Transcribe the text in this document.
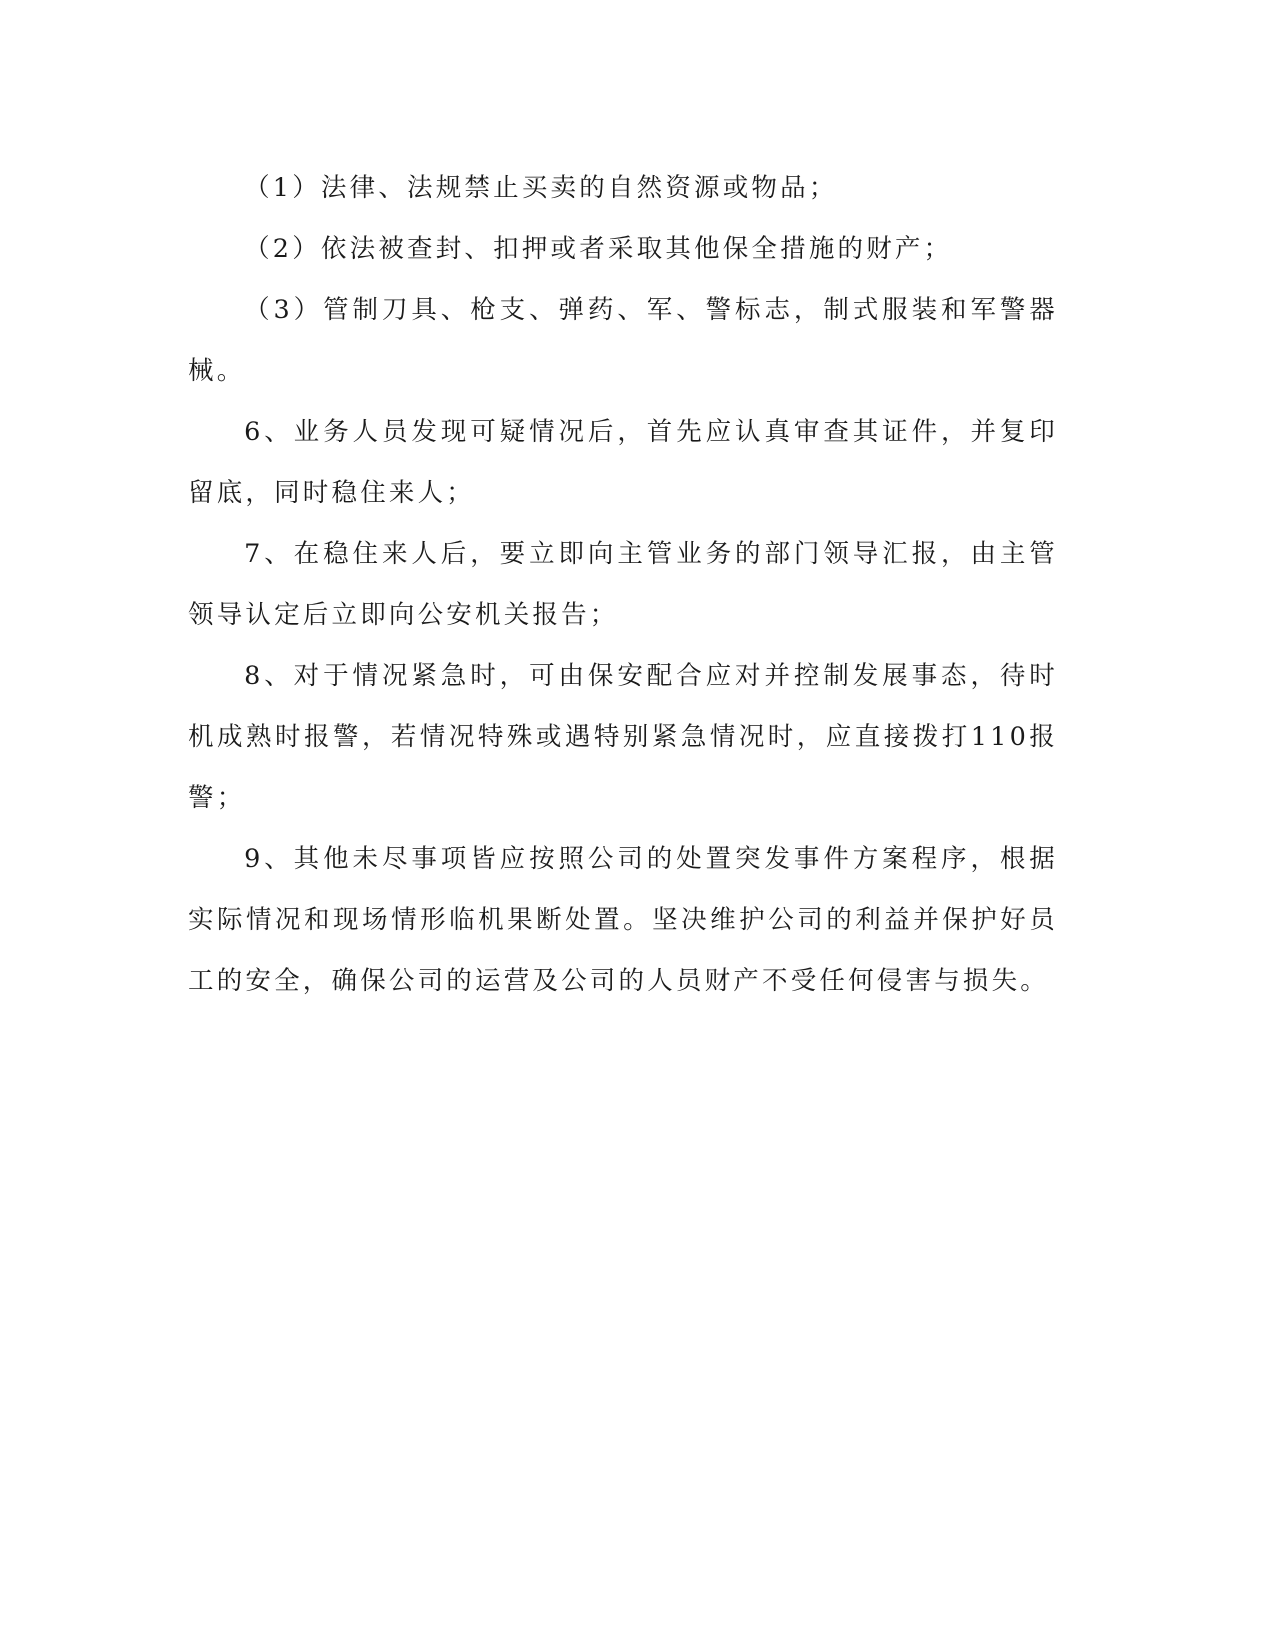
（1）法律、法规禁止买卖的自然资源或物品；

（2）依法被查封、扣押或者采取其他保全措施的财产；

（3）管制刀具、枪支、弹药、军、警标志，制式服装和军警器械。

6、业务人员发现可疑情况后，首先应认真审查其证件，并复印留底，同时稳住来人；

7、在稳住来人后，要立即向主管业务的部门领导汇报，由主管领导认定后立即向公安机关报告；

8、对于情况紧急时，可由保安配合应对并控制发展事态，待时机成熟时报警，若情况特殊或遇特别紧急情况时，应直接拨打110报警；

9、其他未尽事项皆应按照公司的处置突发事件方案程序，根据实际情况和现场情形临机果断处置。坚决维护公司的利益并保护好员工的安全，确保公司的运营及公司的人员财产不受任何侵害与损失。
